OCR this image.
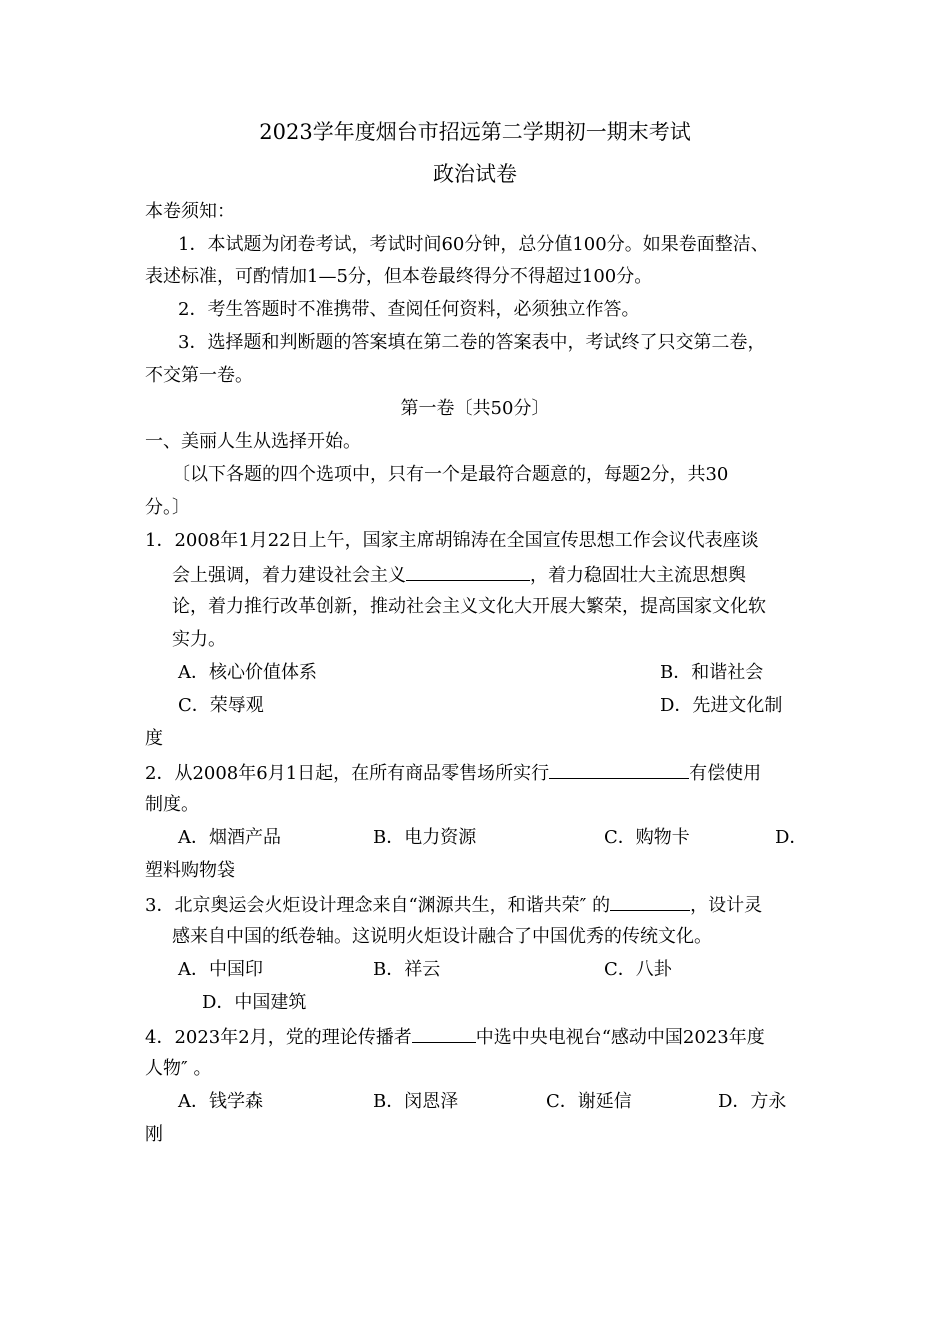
2023学年度烟台市招远第二学期初一期末考试
政治试卷
本卷须知：
1．本试题为闭卷考试，考试时间60分钟，总分值100分。如果卷面整洁、
表述标准，可酌情加1—5分，但本卷最终得分不得超过100分。
2．考生答题时不准携带、查阅任何资料，必须独立作答。
3．选择题和判断题的答案填在第二卷的答案表中，考试终了只交第二卷，
不交第一卷。
第一卷〔共50分〕
一、美丽人生从选择开始。
〔以下各题的四个选项中，只有一个是最符合题意的，每题2分，共30
分。〕
1．2008年1月22日上午，国家主席胡锦涛在全国宣传思想工作会议代表座谈
会上强调，着力建设社会主义	，着力稳固壮大主流思想舆
论，着力推行改革创新，推动社会主义文化大开展大繁荣，提高国家文化软
实力。
A．核心价值体系	B．和谐社会
C．荣辱观	D．先进文化制
度
2．从2008年6月1日起，在所有商品零售场所实行	有偿使用
制度。
A．烟酒产品	B．电力资源	C．购物卡	D．
塑料购物袋
3．北京奥运会火炬设计理念来自“渊源共生，和谐共荣″ 的	，设计灵
感来自中国的纸卷轴。这说明火炬设计融合了中国优秀的传统文化。
A．中国印	B．祥云	C．八卦
D．中国建筑
4．2023年2月，党的理论传播者	中选中央电视台“感动中国2023年度
人物″ 。
A．钱学森	B．闵恩泽	C．谢延信	D．方永
刚
